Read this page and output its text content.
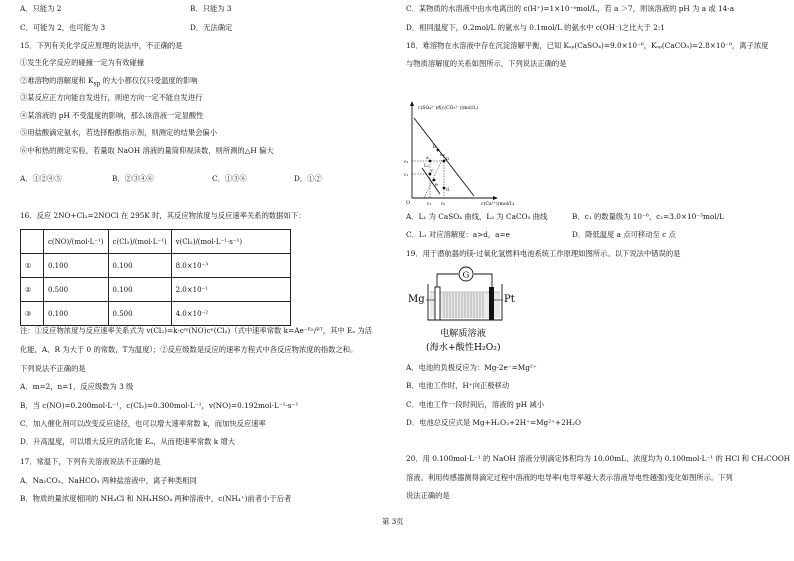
A．只能为 2	B．只能为 3
C．可能为 2，也可能为 3	D．无法确定
15．下列有关化学反应原理的说法中，不正确的是
①发生化学反应的碰撞一定为有效碰撞
②难溶物的溶解度和 $K_{sp}$ 的大小都仅仅只受温度的影响
③某反应正方向能自发进行，则逆方向一定不能自发进行
④某溶液的 pH 不受温度的影响，那么该溶液一定显酸性
⑤用盐酸滴定氨水，若选择酚酞指示剂，则测定的结果会偏小
⑥中和热的测定实验，若量取 NaOH 溶液的量筒仰视读数，则所测的△H 偏大
A．①②④⑤	B．②③④⑥	C．①③⑥	D．①②
16．反应 2NO+Cl₂=2NOCl 在 295K 时，其反应物浓度与反应速率关系的数据如下：
	c(NO)/(mol·L⁻¹)	c(Cl₂)/(mol·L⁻¹)	v(Cl₂)/(mol·L⁻¹·s⁻¹)
①	0.100	0.100	8.0×10⁻³
②	0.500	0.100	2.0×10⁻¹
③	0.100	0.500	4.0×10⁻²
注：①反应物浓度与反应速率关系式为 v(Cl₂)=k·cᵐ(NO)cⁿ(Cl₂)（式中速率常数 k=Ae⁻ᴱᵃ/ᴿᵀ，其中 Eₐ 为活
化能，A、R 为大于 0 的常数，T为温度）；②反应级数是反应的速率方程式中各反应物浓度的指数之和。
下列说法不正确的是
A．m=2，n=1，反应级数为 3 级
B．当 c(NO)=0.200mol·L⁻¹，c(Cl₂)=0.300mol·L⁻¹，v(NO)=0.192mol·L⁻¹·s⁻¹
C．加入催化剂可以改变反应途径，也可以增大速率常数 k，而加快反应速率
D．升高温度，可以增大反应的活化能 Eₐ，从而使速率常数 k 增大
17．常温下，下列有关溶液说法不正确的是
A．Na₂CO₃、NaHCO₃ 两种盐溶液中，离子种类相同
B．物质的量浓度相同的 NH₄Cl 和 NH₄HSO₄ 两种溶液中，c(NH₄⁺)前者小于后者
C．某物质的水溶液中由水电离出的 c(H⁺)=1×10⁻ᵃmol/L，若 a ＞7，则该溶液的 pH 为 a 或 14-a
D．相同温度下，0.2mol/L 的氨水与 0.1mol/L 的氨水中 c(OH⁻)之比大于 2:1
18．难溶物在水溶液中存在沉淀溶解平衡，已知 Kₛₚ(CaSO₄)=9.0×10⁻⁶，Kₛₚ(CaCO₃)=2.8×10⁻⁹，离子浓度
与物质溶解度的关系如图所示，下列说法正确的是
c(SO₄²⁻)或c(CO₃²⁻)(mol/L)
c(Ca²⁺)(mol/L)
O
b
p
a
c
e
d
L₁
L₂
c₂
c₁
c₁ c₂
A．L₁ 为 CaSO₄ 曲线，L₂ 为 CaCO₃ 曲线	B．c₁ 的数量级为 10⁻⁶，c₂=3.0×10⁻³mol/L
C．L₁ 对应溶解度：a>d，a=e	D．降低温度 a 点可移动至 c 点
19．用于潜航器的镁-过氧化氢燃料电池系统工作原理如图所示。以下说法中错误的是
G
Mg	Pt
电解质溶液
(海水+酸性H₂O₂)
A．电池的负极反应为：Mg-2e⁻=Mg²⁺
B．电池工作时，H⁺向正极移动
C．电池工作一段时间后，溶液的 pH 减小
D．电池总反应式是 Mg+H₂O₂+2H⁺=Mg²⁺+2H₂O
20．用 0.100mol·L⁻¹ 的 NaOH 溶液分别滴定体积均为 10.00mL、浓度均为 0.100mol·L⁻¹ 的 HCl 和 CH₃COOH
溶液。利用传感器测得滴定过程中溶液的电导率(电导率越大表示溶液导电性越强)变化如图所示。下列
说法正确的是
第 3页
